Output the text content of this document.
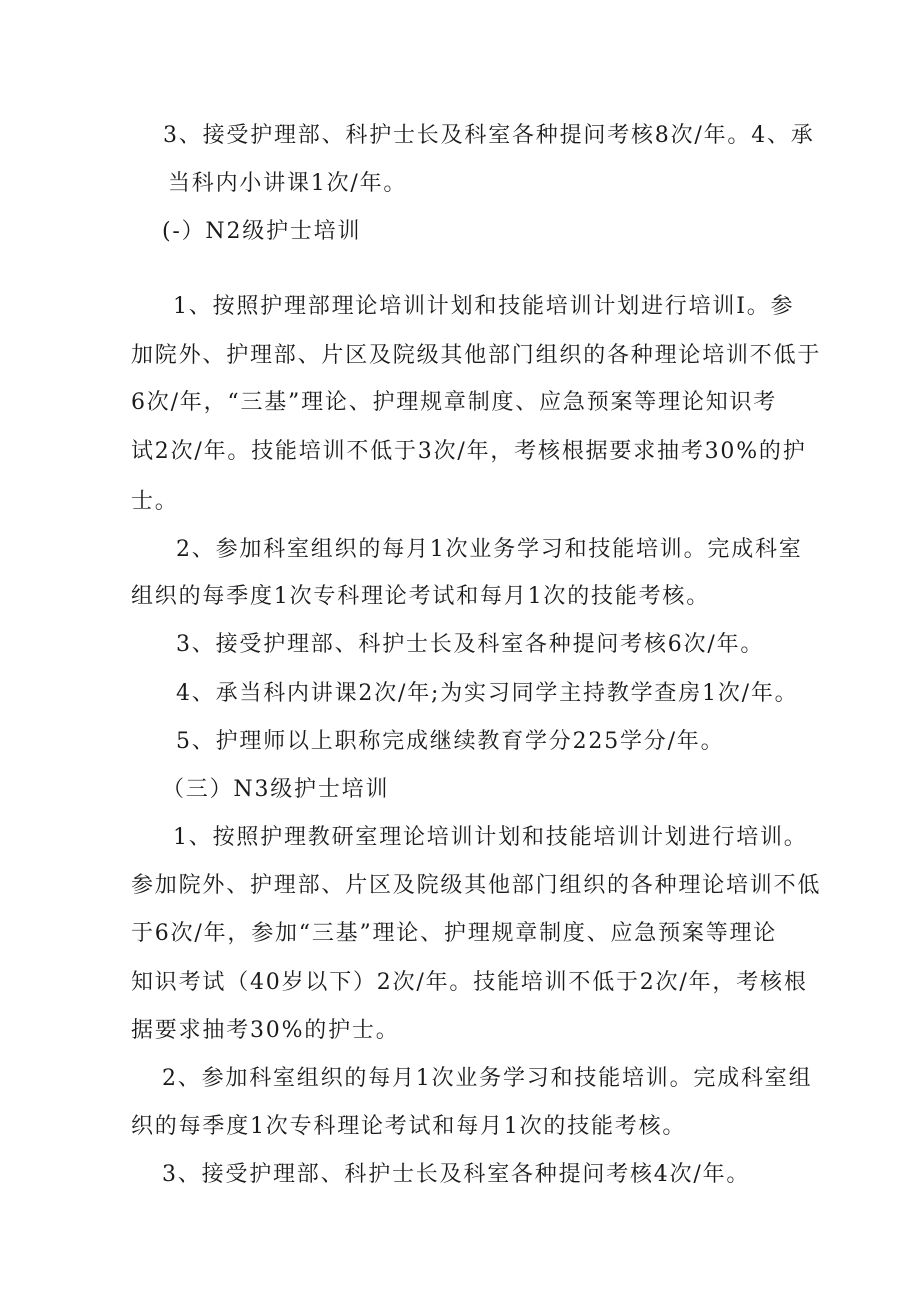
3、接受护理部、科护士长及科室各种提问考核8次/年。4、承
当科内小讲课1次/年。
(-）N2级护士培训
1、按照护理部理论培训计划和技能培训计划进行培训I。参
加院外、护理部、片区及院级其他部门组织的各种理论培训不低于
6次/年，“三基”理论、护理规章制度、应急预案等理论知识考
试2次/年。技能培训不低于3次/年，考核根据要求抽考30%的护
士。
2、参加科室组织的每月1次业务学习和技能培训。完成科室
组织的每季度1次专科理论考试和每月1次的技能考核。
3、接受护理部、科护士长及科室各种提问考核6次/年。
4、承当科内讲课2次/年;为实习同学主持教学查房1次/年。
5、护理师以上职称完成继续教育学分225学分/年。
（三）N3级护士培训
1、按照护理教研室理论培训计划和技能培训计划进行培训。
参加院外、护理部、片区及院级其他部门组织的各种理论培训不低
于6次/年，参加“三基”理论、护理规章制度、应急预案等理论
知识考试（40岁以下）2次/年。技能培训不低于2次/年，考核根
据要求抽考30%的护士。
2、参加科室组织的每月1次业务学习和技能培训。完成科室组
织的每季度1次专科理论考试和每月1次的技能考核。
3、接受护理部、科护士长及科室各种提问考核4次/年。
